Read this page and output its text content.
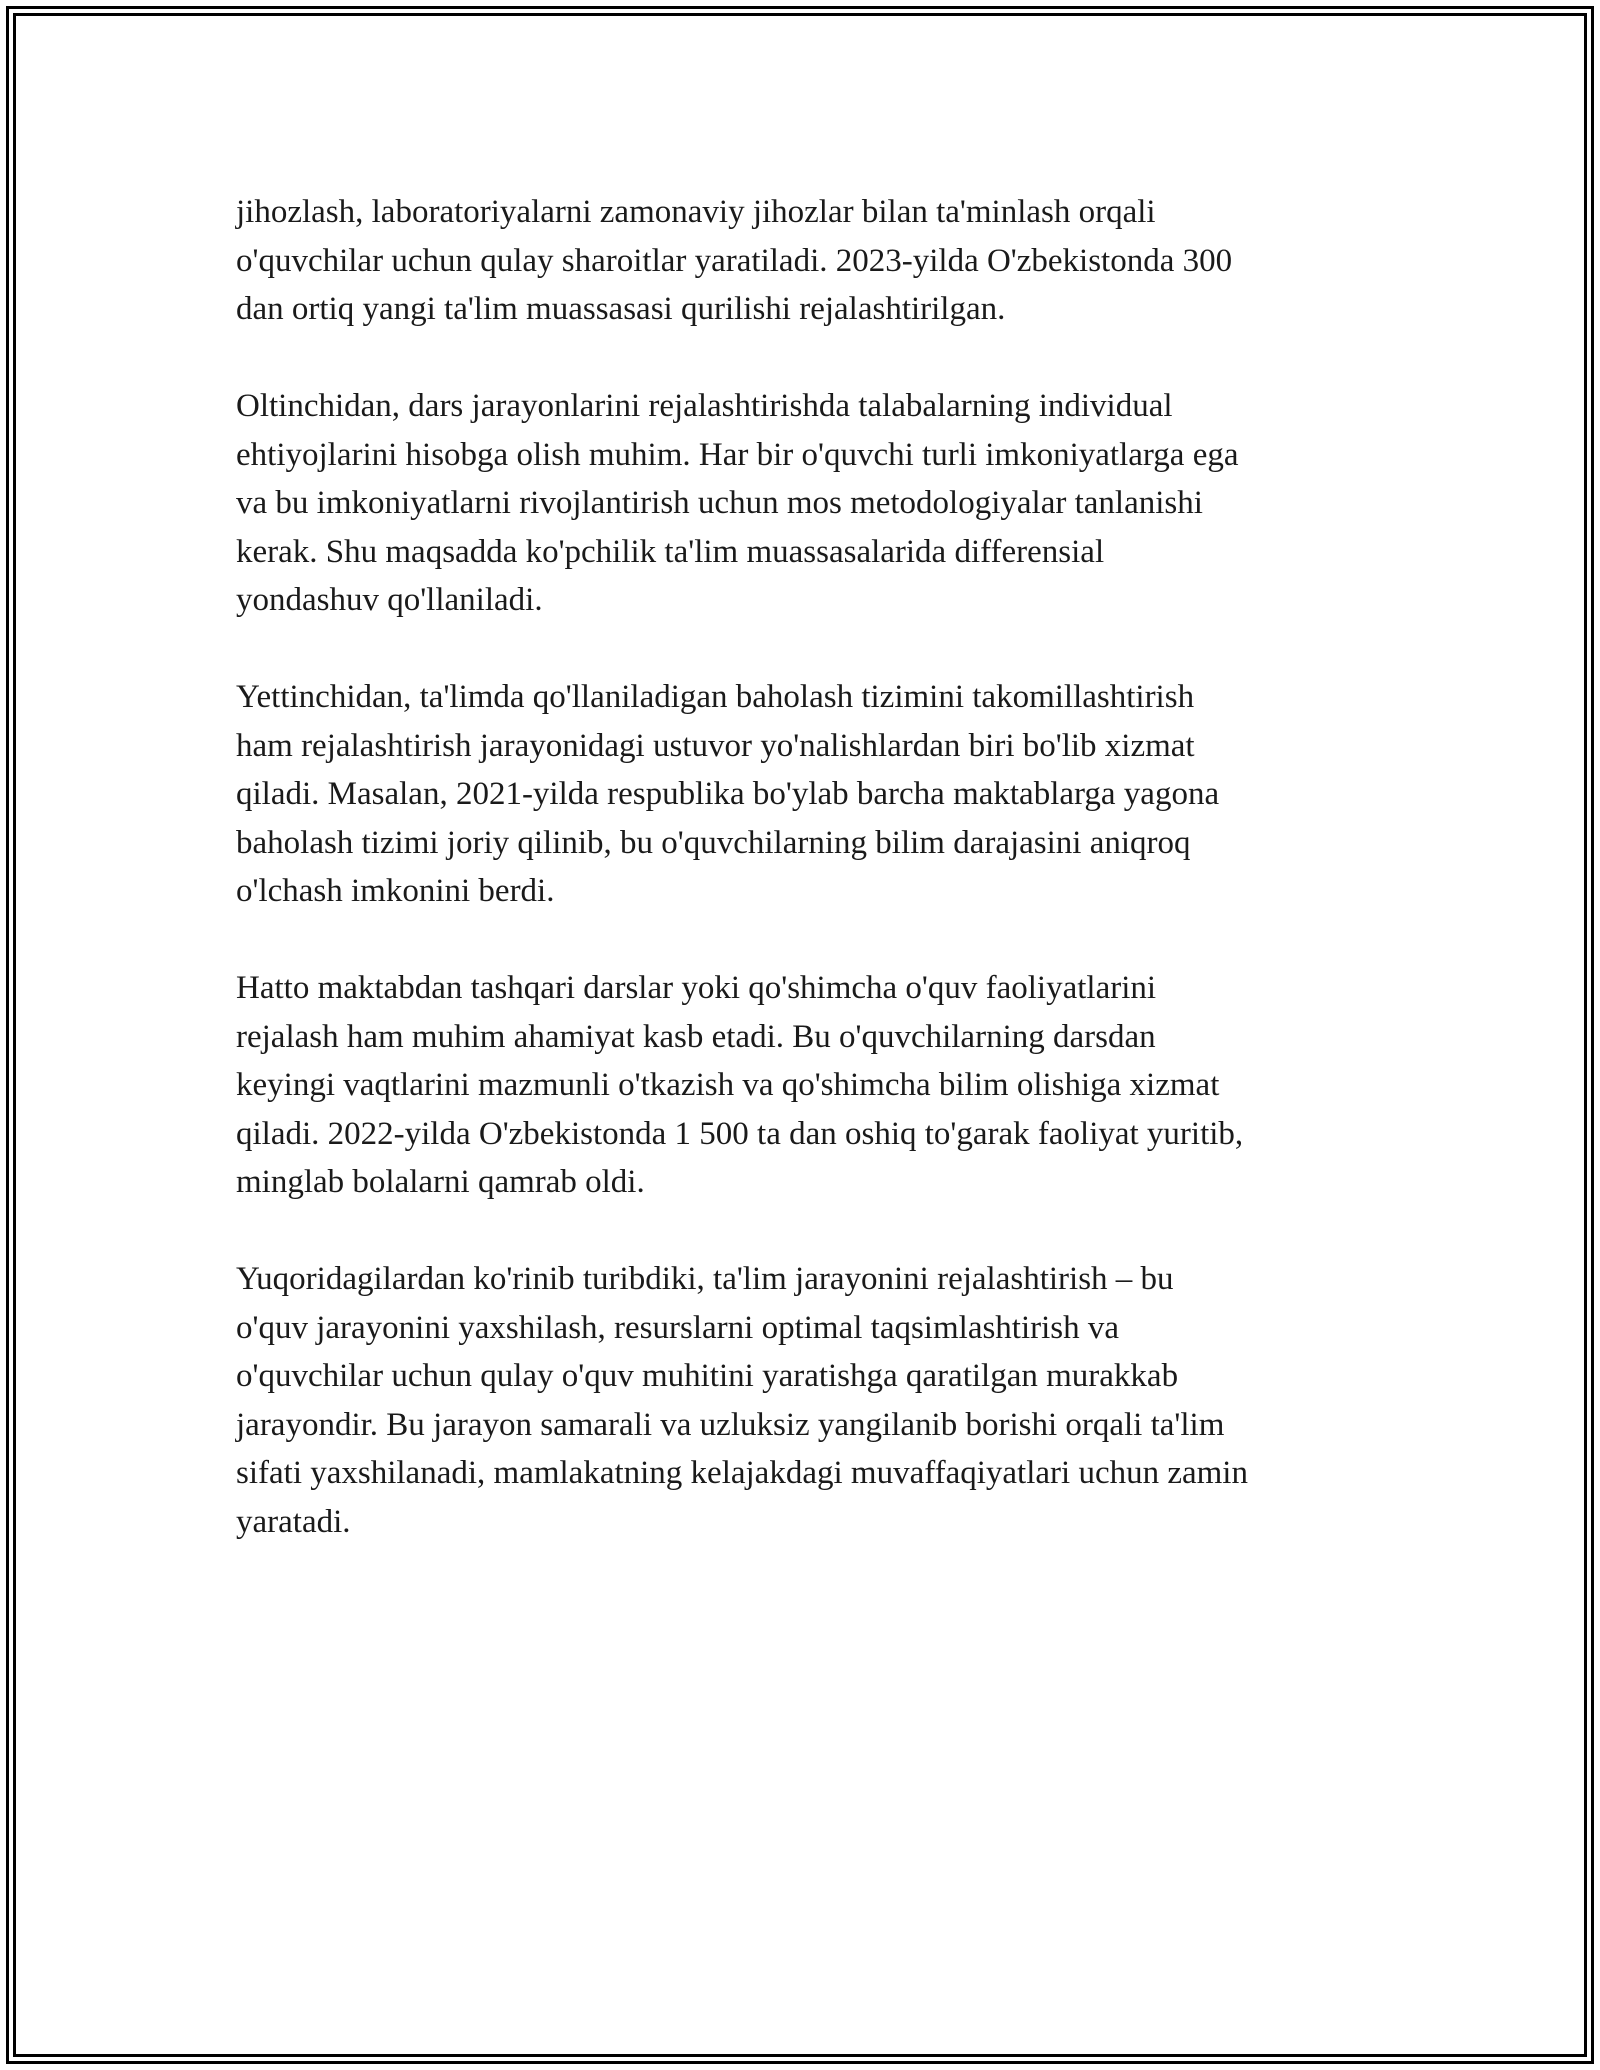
jihozlash, laboratoriyalarni zamonaviy jihozlar bilan ta'minlash orqali
o'quvchilar uchun qulay sharoitlar yaratiladi. 2023-yilda O'zbekistonda 300
dan ortiq yangi ta'lim muassasasi qurilishi rejalashtirilgan.

Oltinchidan, dars jarayonlarini rejalashtirishda talabalarning individual
ehtiyojlarini hisobga olish muhim. Har bir o'quvchi turli imkoniyatlarga ega
va bu imkoniyatlarni rivojlantirish uchun mos metodologiyalar tanlanishi
kerak. Shu maqsadda ko'pchilik ta'lim muassasalarida differensial
yondashuv qo'llaniladi.

Yettinchidan, ta'limda qo'llaniladigan baholash tizimini takomillashtirish
ham rejalashtirish jarayonidagi ustuvor yo'nalishlardan biri bo'lib xizmat
qiladi. Masalan, 2021-yilda respublika bo'ylab barcha maktablarga yagona
baholash tizimi joriy qilinib, bu o'quvchilarning bilim darajasini aniqroq
o'lchash imkonini berdi.

Hatto maktabdan tashqari darslar yoki qo'shimcha o'quv faoliyatlarini
rejalash ham muhim ahamiyat kasb etadi. Bu o'quvchilarning darsdan
keyingi vaqtlarini mazmunli o'tkazish va qo'shimcha bilim olishiga xizmat
qiladi. 2022-yilda O'zbekistonda 1 500 ta dan oshiq to'garak faoliyat yuritib,
minglab bolalarni qamrab oldi.

Yuqoridagilardan ko'rinib turibdiki, ta'lim jarayonini rejalashtirish – bu
o'quv jarayonini yaxshilash, resurslarni optimal taqsimlashtirish va
o'quvchilar uchun qulay o'quv muhitini yaratishga qaratilgan murakkab
jarayondir. Bu jarayon samarali va uzluksiz yangilanib borishi orqali ta'lim
sifati yaxshilanadi, mamlakatning kelajakdagi muvaffaqiyatlari uchun zamin
yaratadi.
